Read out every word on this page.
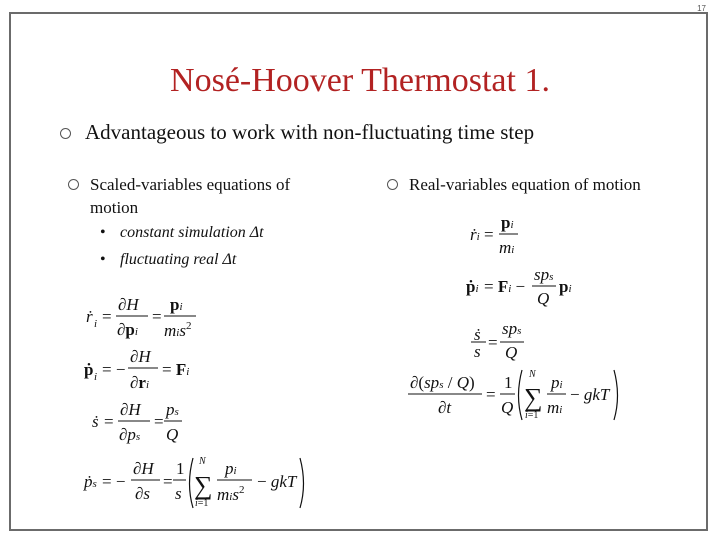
17
Nosé-Hoover Thermostat 1.
Advantageous to work with non-fluctuating time step
Scaled-variables equations of motion
• constant simulation Δt
• fluctuating real Δt
Real-variables equation of motion
ṙ i =
∂H
∂pi
=
pi
mis$^2$
ṗ i = −
∂H
∂ri
= Fi
ṡ =
∂H
∂ps
=
ps
Q
ṗs = −
∂H
∂s
=
1
s
N
∑
i=1
pi
mis$^2$ − gkT
ṙi =
pi
mi
ṗi = Fi −
sps
Q
pi
ṡ
s =
sps
Q
∂(sps / Q)
∂t
=
1
Q
N
∑
i=1
pi
mi
− gkT
